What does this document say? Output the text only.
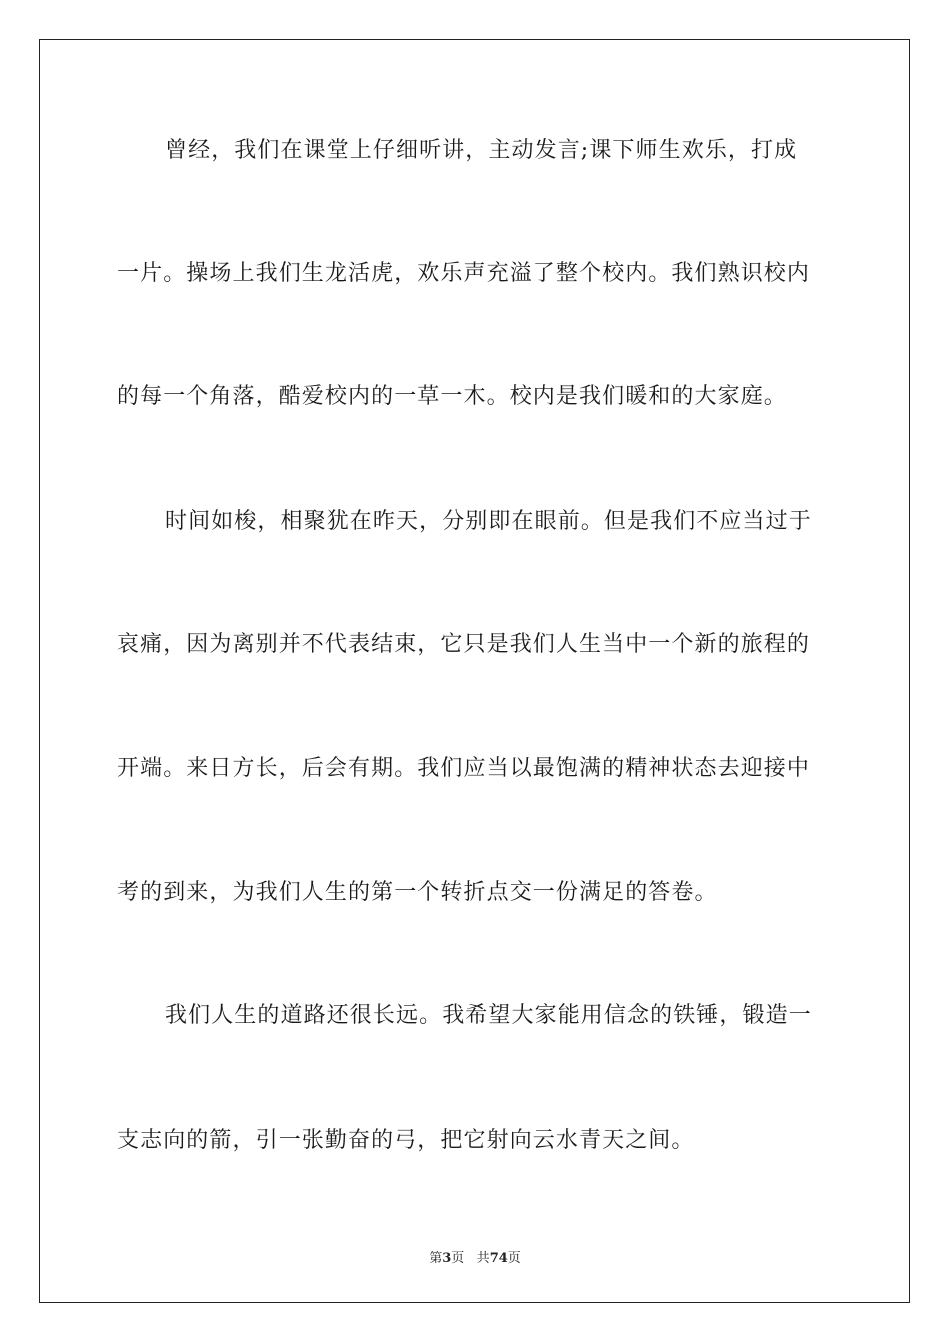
曾经，我们在课堂上仔细听讲，主动发言;课下师生欢乐，打成
一片。操场上我们生龙活虎，欢乐声充溢了整个校内。我们熟识校内
的每一个角落，酷爱校内的一草一木。校内是我们暖和的大家庭。
时间如梭，相聚犹在昨天，分别即在眼前。但是我们不应当过于
哀痛，因为离别并不代表结束，它只是我们人生当中一个新的旅程的
开端。来日方长，后会有期。我们应当以最饱满的精神状态去迎接中
考的到来，为我们人生的第一个转折点交一份满足的答卷。
我们人生的道路还很长远。我希望大家能用信念的铁锤，锻造一
支志向的箭，引一张勤奋的弓，把它射向云水青天之间。
第3页 共74页
